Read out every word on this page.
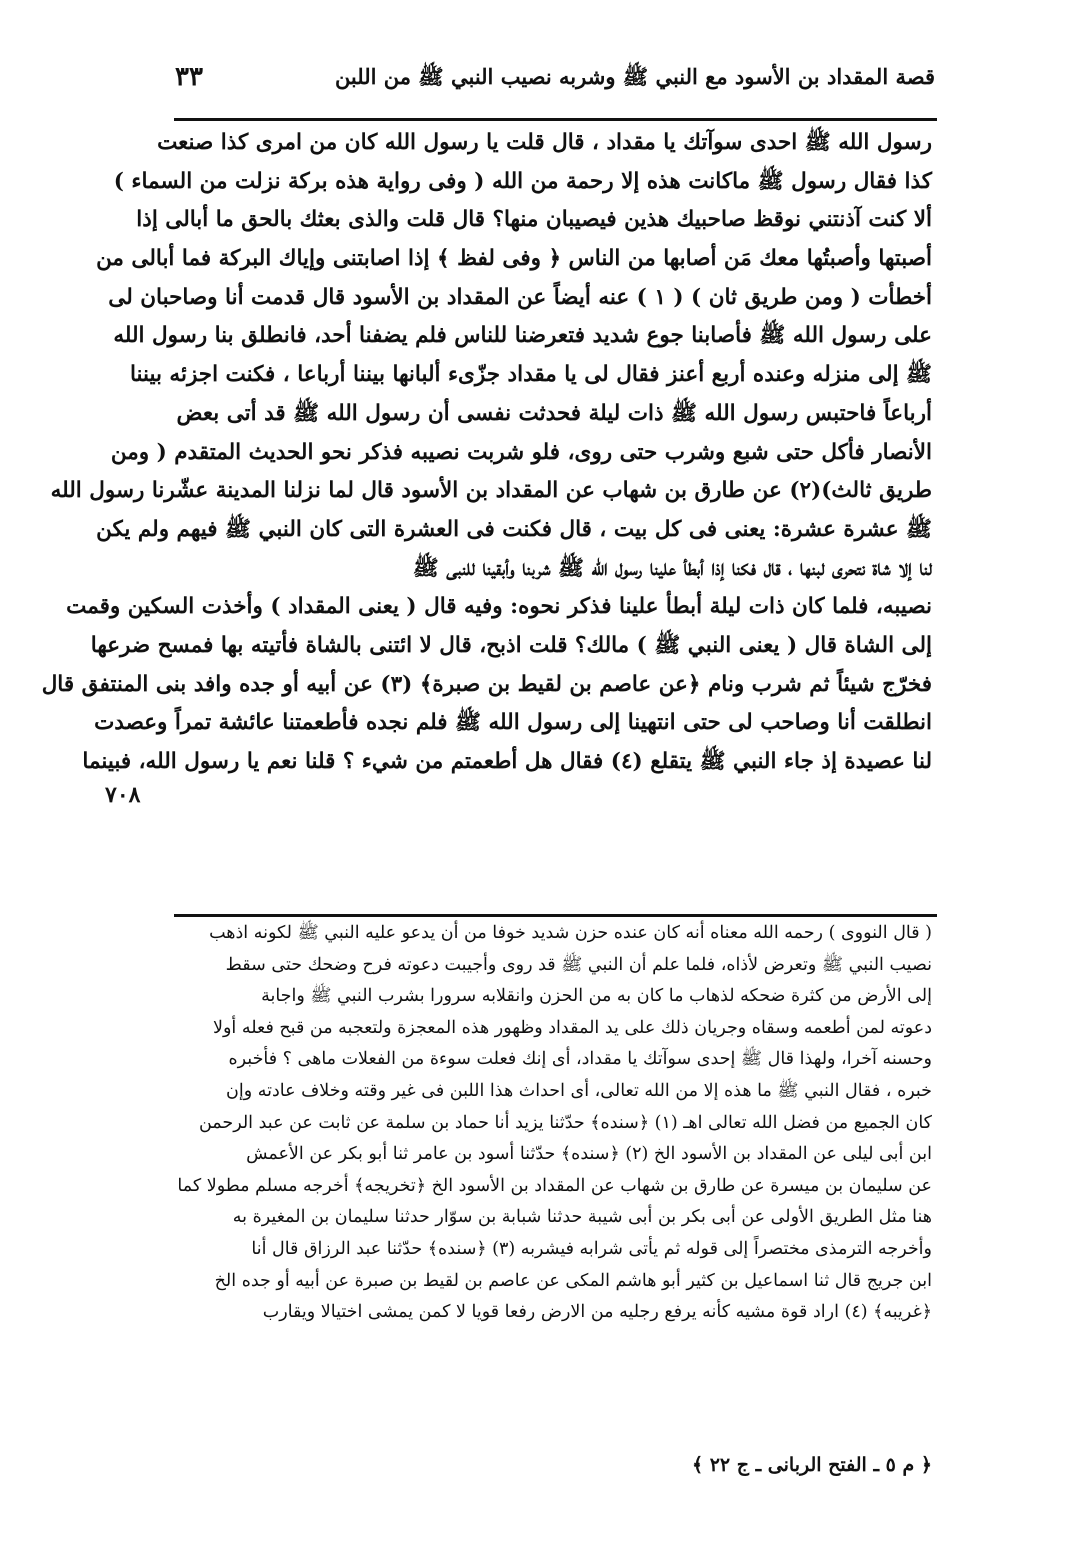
قصة المقداد بن الأسود مع النبي ﷺ وشربه نصيب النبي ﷺ من اللبن
٣٣
رسول الله ﷺ احدى سوآتك يا مقداد ، قال قلت يا رسول الله كان من امرى كذا صنعت
كذا فقال رسول ﷺ ماكانت هذه إلا رحمة من الله ( وفى رواية هذه بركة نزلت من السماء )
ألا كنت آذنتني نوقظ صاحبيك هذين فيصيبان منها؟ قال قلت والذى بعثك بالحق ما أبالى إذا
أصبتها وأصبتُها معك مَن أصابها من الناس ﴿ وفى لفظ ﴾ إذا اصابتنى وإياك البركة فما أبالى من
أخطأت ( ومن طريق ثان ) ( ١ ) عنه أيضاً عن المقداد بن الأسود قال قدمت أنا وصاحبان لى
على رسول الله ﷺ فأصابنا جوع شديد فتعرضنا للناس فلم يضفنا أحد، فانطلق بنا رسول الله
ﷺ إلى منزله وعنده أربع أعنز فقال لى يا مقداد جزّىء ألبانها بيننا أرباعا ، فكنت اجزئه بيننا
أرباعاً فاحتبس رسول الله ﷺ ذات ليلة فحدثت نفسى أن رسول الله ﷺ قد أتى بعض
الأنصار فأكل حتى شبع وشرب حتى روى، فلو شربت نصيبه فذكر نحو الحديث المتقدم ( ومن
طريق ثالث)(٢) عن طارق بن شهاب عن المقداد بن الأسود قال لما نزلنا المدينة عشّرنا رسول الله
ﷺ عشرة عشرة: يعنى فى كل بيت ، قال فكنت فى العشرة التى كان النبي ﷺ فيهم ولم يكن
لنا إلا شاة نتحرى لبنها ، قال فكنا إذا أبطأ علينا رسول الله ﷺ شربنا وأبقينا للنبى ﷺ
نصيبه، فلما كان ذات ليلة أبطأ علينا فذكر نحوه: وفيه قال ( يعنى المقداد ) وأخذت السكين وقمت
إلى الشاة قال ( يعنى النبي ﷺ ) مالك؟ قلت اذبح، قال لا ائتنى بالشاة فأتيته بها فمسح ضرعها
فخرّج شيئاً ثم شرب ونام ﴿عن عاصم بن لقيط بن صبرة﴾ (٣) عن أبيه أو جده وافد بنى المنتفق قال
انطلقت أنا وصاحب لى حتى انتهينا إلى رسول الله ﷺ فلم نجده فأطعمتنا عائشة تمراً وعصدت
لنا عصيدة إذ جاء النبي ﷺ يتقلع (٤) فقال هل أطعمتم من شيء ؟ قلنا نعم يا رسول الله، فبينما
٧٠٨
( قال النووى ) رحمه الله معناه أنه كان عنده حزن شديد خوفا من أن يدعو عليه النبي ﷺ لكونه اذهب
نصيب النبي ﷺ وتعرض لأذاه، فلما علم أن النبي ﷺ قد روى وأجيبت دعوته فرح وضحك حتى سقط
إلى الأرض من كثرة ضحكه لذهاب ما كان به من الحزن وانقلابه سرورا بشرب النبي ﷺ واجابة
دعوته لمن أطعمه وسقاه وجريان ذلك على يد المقداد وظهور هذه المعجزة ولتعجبه من قبح فعله أولا
وحسنه آخرا، ولهذا قال ﷺ إحدى سوآتك يا مقداد، أى إنك فعلت سوءة من الفعلات ماهى ؟ فأخبره
خبره ، فقال النبي ﷺ ما هذه إلا من الله تعالى، أى احداث هذا اللبن فى غير وقته وخلاف عادته وإن
كان الجميع من فضل الله تعالى اهـ (١) ﴿سنده﴾ حدّثنا يزيد أنا حماد بن سلمة عن ثابت عن عبد الرحمن
ابن أبى ليلى عن المقداد بن الأسود الخ (٢) ﴿سنده﴾ حدّثنا أسود بن عامر ثنا أبو بكر عن الأعمش
عن سليمان بن ميسرة عن طارق بن شهاب عن المقداد بن الأسود الخ ﴿تخريجه﴾ أخرجه مسلم مطولا كما
هنا مثل الطريق الأولى عن أبى بكر بن أبى شيبة حدثنا شبابة بن سوّار حدثنا سليمان بن المغيرة به
وأخرجه الترمذى مختصراً إلى قوله ثم يأتى شرابه فيشربه (٣) ﴿سنده﴾ حدّثنا عبد الرزاق قال أنا
ابن جريج قال ثنا اسماعيل بن كثير أبو هاشم المكى عن عاصم بن لقيط بن صبرة عن أبيه أو جده الخ
﴿غريبه﴾ (٤) اراد قوة مشيه كأنه يرفع رجليه من الارض رفعا قويا لا كمن يمشى اختيالا ويقارب
﴿ م ٥ ـ الفتح الربانى ـ ج ٢٢ ﴾
